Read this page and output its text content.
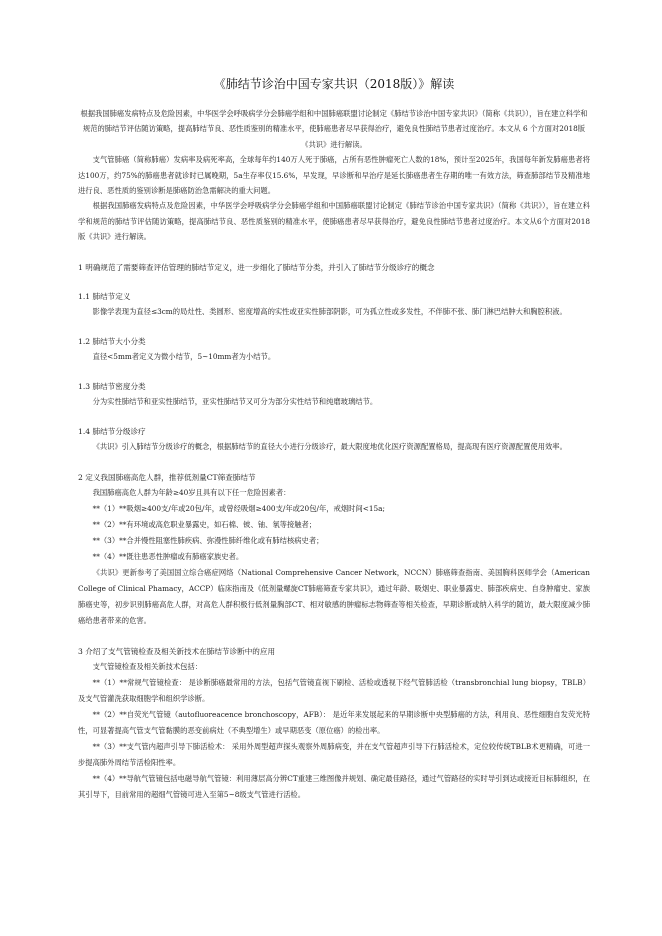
《肺结节诊治中国专家共识（2018版）》解读

根据我国肺癌发病特点及危险因素，中华医学会呼吸病学分会肺癌学组和中国肺癌联盟讨论制定《肺结节诊治中国专家共识》（简称《共识》），旨在建立科学和规范的肺结节评估随访策略，提高肺结节良、恶性质鉴别的精准水平，使肺癌患者尽早获得治疗，避免良性肺结节患者过度治疗。本文从 6 个方面对2018版《共识》进行解读。

支气管肺癌（简称肺癌）发病率及病死率高，全球每年约140万人死于肺癌，占所有恶性肿瘤死亡人数的18%，预计至2025年，我国每年新发肺癌患者将达100万，约75%的肺癌患者就诊时已属晚期，5a生存率仅15.6%，早发现，早诊断和早治疗是延长肺癌患者生存期的唯一有效方法，筛查肺部结节及精准地进行良、恶性质的鉴别诊断是肺癌防治急需解决的重大问题。

根据我国肺癌发病特点及危险因素，中华医学会呼吸病学分会肺癌学组和中国肺癌联盟讨论制定《肺结节诊治中国专家共识》（简称《共识》），旨在建立科学和规范的肺结节评估随访策略，提高肺结节良、恶性质鉴别的精准水平，使肺癌患者尽早获得治疗，避免良性肺结节患者过度治疗。本文从6个方面对2018版《共识》进行解读。

1 明确规范了需要筛查评估管理的肺结节定义，进一步细化了肺结节分类，并引入了肺结节分级诊疗的概念
1.1 肺结节定义

影像学表现为直径≤3cm的局灶性、类圆形、密度增高的实性或亚实性肺部阴影，可为孤立性或多发性，不伴肺不张、肺门淋巴结肿大和胸腔积液。

1.2 肺结节大小分类

直径<5mm者定义为微小结节，5~10mm者为小结节。

1.3 肺结节密度分类

分为实性肺结节和亚实性肺结节，亚实性肺结节又可分为部分实性结节和纯磨玻璃结节。

1.4 肺结节分级诊疗

《共识》引入肺结节分级诊疗的概念，根据肺结节的直径大小进行分级诊疗，最大限度地优化医疗资源配置格局，提高现有医疗资源配置使用效率。

2 定义我国肺癌高危人群，推荐低剂量CT筛查肺结节

我国肺癌高危人群为年龄≥40岁且具有以下任一危险因素者：

**（1）**吸烟≥400支/年或20包/年，或曾经吸烟≥400支/年或20包/年，戒烟时间<15a;

**（2）**有环境或高危职业暴露史，如石棉、铍、铀、氡等接触者；

**（3）**合并慢性阻塞性肺疾病、弥漫性肺纤维化或有肺结核病史者；

**（4）**既往患恶性肿瘤或有肺癌家族史者。

《共识》更新参考了美国国立综合癌症网络（National Comprehensive Cancer Network，NCCN）肺癌筛查指南、美国胸科医师学会（American College of Clinical Phamacy，ACCP）临床指南及《低剂量螺旋CT肺癌筛查专家共识》，通过年龄、吸烟史、职业暴露史、肺部疾病史、自身肿瘤史、家族肺癌史等，初步识别肺癌高危人群，对高危人群积极行低剂量胸部CT、相对敏感的肿瘤标志物筛查等相关检查，早期诊断或纳入科学的随访，最大限度减少肺癌给患者带来的危害。

3 介绍了支气管镜检查及相关新技术在肺结节诊断中的应用

支气管镜检查及相关新技术包括：

**（1）**常规气管镜检查： 是诊断肺癌最常用的方法，包括气管镜直视下刷检、活检或透视下经气管肺活检（transbronchial lung biopsy，TBLB）及支气管灌洗获取细胞学和组织学诊断。

**（2）**自荧光气管镜（autofluoreacence bronchoscopy，AFB）： 是近年来发展起来的早期诊断中央型肺癌的方法，利用良、恶性细胞自发荧光特性，可显著提高气管支气管黏膜的恶变前病灶（不典型增生）或早期恶变（原位癌）的检出率。

**（3）**支气管内超声引导下肺活检术： 采用外周型超声探头观察外周肺病变，并在支气管超声引导下行肺活检术，定位较传统TBLB术更精确，可进一步提高肺外周结节活检阳性率。

**（4）**导航气管镜包括电磁导航气管镜：利用薄层高分辨CT重建三维图像并规划、确定最佳路径，通过气管路径的实时导引到达或接近目标肺组织，在其引导下，目前常用的超细气管镜可进入至第5~8级支气管进行活检。
